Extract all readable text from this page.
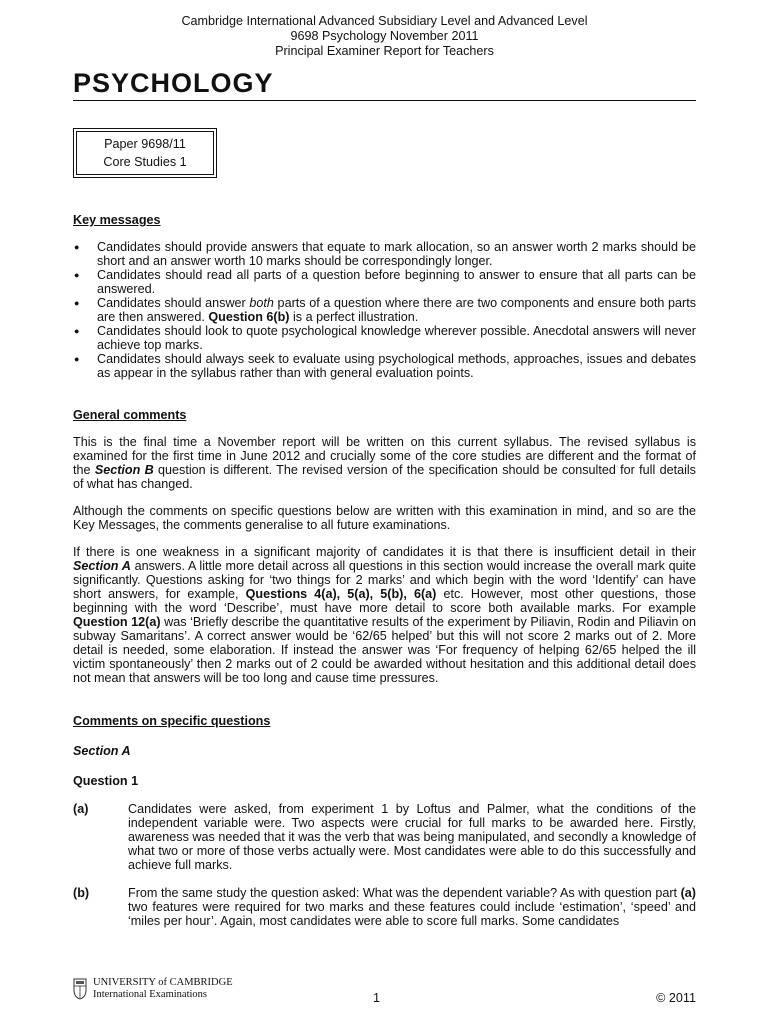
Cambridge International Advanced Subsidiary Level and Advanced Level
9698 Psychology November 2011
Principal Examiner Report for Teachers
PSYCHOLOGY
Paper 9698/11
Core Studies 1
Key messages
● Candidates should provide answers that equate to mark allocation, so an answer worth 2 marks should be short and an answer worth 10 marks should be correspondingly longer.
● Candidates should read all parts of a question before beginning to answer to ensure that all parts can be answered.
● Candidates should answer both parts of a question where there are two components and ensure both parts are then answered. Question 6(b) is a perfect illustration.
● Candidates should look to quote psychological knowledge wherever possible. Anecdotal answers will never achieve top marks.
● Candidates should always seek to evaluate using psychological methods, approaches, issues and debates as appear in the syllabus rather than with general evaluation points.
General comments

This is the final time a November report will be written on this current syllabus. The revised syllabus is examined for the first time in June 2012 and crucially some of the core studies are different and the format of the Section B question is different. The revised version of the specification should be consulted for full details of what has changed.

Although the comments on specific questions below are written with this examination in mind, and so are the Key Messages, the comments generalise to all future examinations.

If there is one weakness in a significant majority of candidates it is that there is insufficient detail in their Section A answers. A little more detail across all questions in this section would increase the overall mark quite significantly. Questions asking for ‘two things for 2 marks’ and which begin with the word ‘Identify’ can have short answers, for example, Questions 4(a), 5(a), 5(b), 6(a) etc. However, most other questions, those beginning with the word ‘Describe’, must have more detail to score both available marks. For example Question 12(a) was ‘Briefly describe the quantitative results of the experiment by Piliavin, Rodin and Piliavin on subway Samaritans’. A correct answer would be ‘62/65 helped’ but this will not score 2 marks out of 2. More detail is needed, some elaboration. If instead the answer was ‘For frequency of helping 62/65 helped the ill victim spontaneously’ then 2 marks out of 2 could be awarded without hesitation and this additional detail does not mean that answers will be too long and cause time pressures.

Comments on specific questions
Section A
Question 1
(a)	Candidates were asked, from experiment 1 by Loftus and Palmer, what the conditions of the independent variable were. Two aspects were crucial for full marks to be awarded here. Firstly, awareness was needed that it was the verb that was being manipulated, and secondly a knowledge of what two or more of those verbs actually were. Most candidates were able to do this successfully and achieve full marks.
(b)	From the same study the question asked: What was the dependent variable? As with question part (a) two features were required for two marks and these features could include ‘estimation’, ‘speed’ and ‘miles per hour’. Again, most candidates were able to score full marks. Some candidates
UNIVERSITY of CAMBRIDGE
International Examinations	1	© 2011
